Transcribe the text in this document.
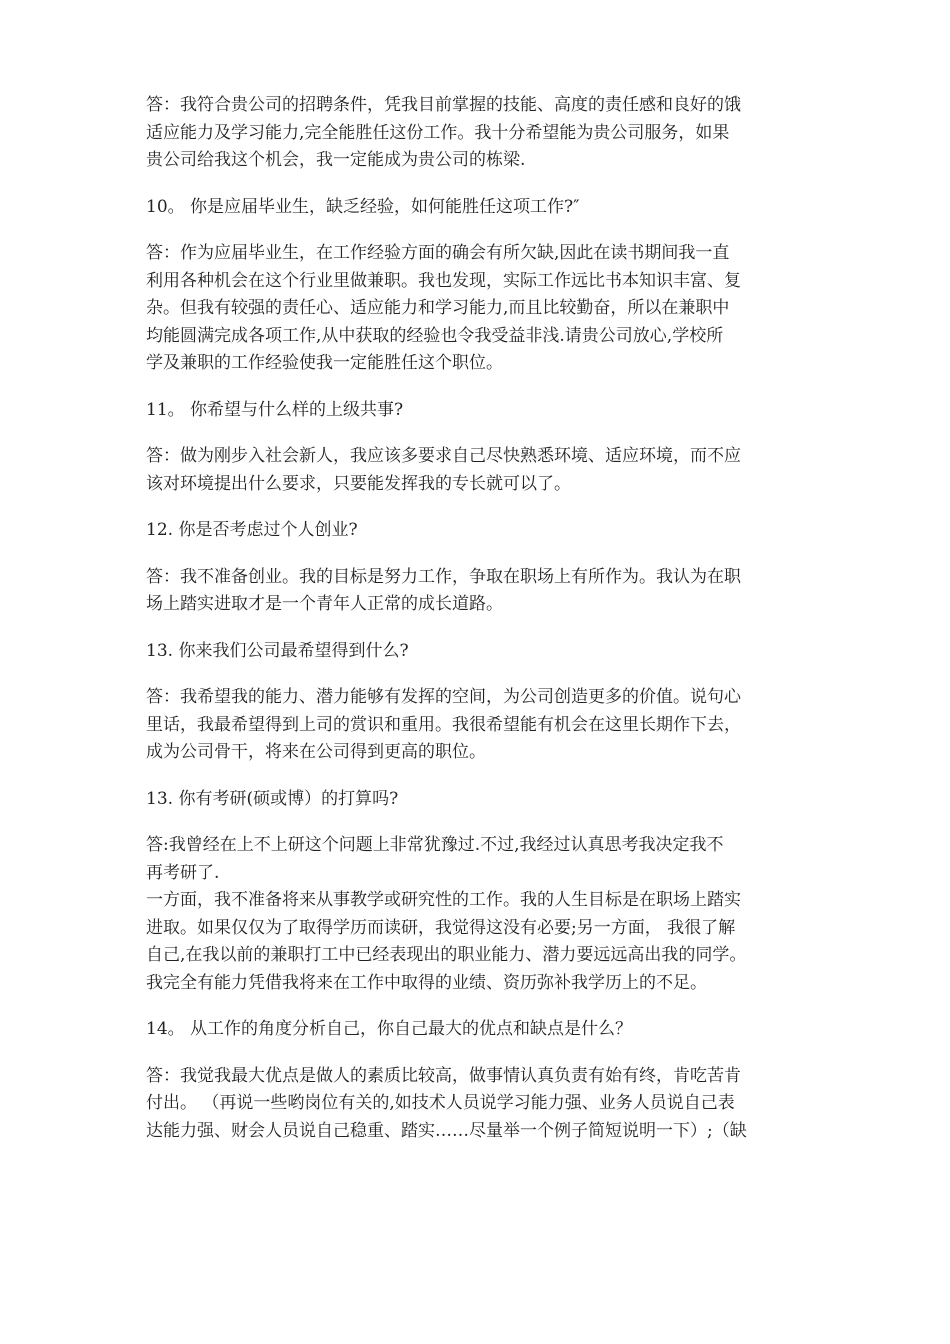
答：我符合贵公司的招聘条件，凭我目前掌握的技能、高度的责任感和良好的饿
适应能力及学习能力,完全能胜任这份工作。我十分希望能为贵公司服务，如果
贵公司给我这个机会，我一定能成为贵公司的栋梁.
10。 你是应届毕业生，缺乏经验，如何能胜任这项工作?″
答：作为应届毕业生，在工作经验方面的确会有所欠缺,因此在读书期间我一直
利用各种机会在这个行业里做兼职。我也发现，实际工作远比书本知识丰富、复
杂。但我有较强的责任心、适应能力和学习能力,而且比较勤奋，所以在兼职中
均能圆满完成各项工作,从中获取的经验也令我受益非浅.请贵公司放心,学校所
学及兼职的工作经验使我一定能胜任这个职位。
11。 你希望与什么样的上级共事?
答：做为刚步入社会新人，我应该多要求自己尽快熟悉环境、适应环境，而不应
该对环境提出什么要求，只要能发挥我的专长就可以了。
12. 你是否考虑过个人创业?
答：我不准备创业。我的目标是努力工作，争取在职场上有所作为。我认为在职
场上踏实进取才是一个青年人正常的成长道路。
13. 你来我们公司最希望得到什么?
答：我希望我的能力、潜力能够有发挥的空间，为公司创造更多的价值。说句心
里话，我最希望得到上司的赏识和重用。我很希望能有机会在这里长期作下去，
成为公司骨干，将来在公司得到更高的职位。
13. 你有考研(硕或博）的打算吗?
答:我曾经在上不上研这个问题上非常犹豫过.不过,我经过认真思考我决定我不
再考研了.
一方面，我不准备将来从事教学或研究性的工作。我的人生目标是在职场上踏实
进取。如果仅仅为了取得学历而读研，我觉得这没有必要;另一方面， 我很了解
自己,在我以前的兼职打工中已经表现出的职业能力、潜力要远远高出我的同学。
我完全有能力凭借我将来在工作中取得的业绩、资历弥补我学历上的不足。
14。 从工作的角度分析自己，你自己最大的优点和缺点是什么？
答：我觉我最大优点是做人的素质比较高，做事情认真负责有始有终，肯吃苦肯
付出。 （再说一些哟岗位有关的,如技术人员说学习能力强、业务人员说自己表
达能力强、财会人员说自己稳重、踏实……尽量举一个例子简短说明一下）;（缺
